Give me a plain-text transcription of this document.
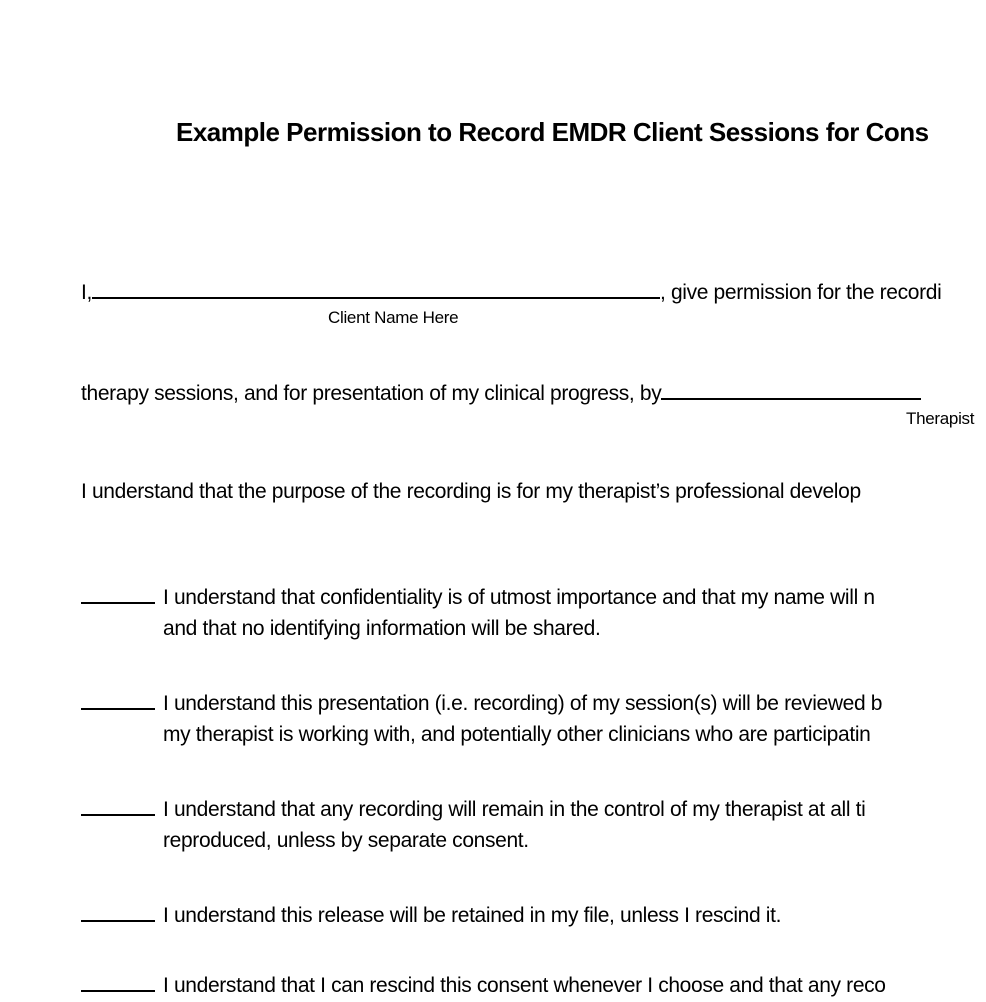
Example Permission to Record EMDR Client Sessions for Cons
I,	, give permission for the recordi
Client Name Here
therapy sessions, and for presentation of my clinical progress, by
Therapist
I understand that the purpose of the recording is for my therapist’s professional develop
I understand that confidentiality is of utmost importance and that my name will n
and that no identifying information will be shared.
I understand this presentation (i.e. recording) of my session(s) will be reviewed b
my therapist is working with, and potentially other clinicians who are participatin
I understand that any recording will remain in the control of my therapist at all ti
reproduced, unless by separate consent.
I understand this release will be retained in my file, unless I rescind it.
I understand that I can rescind this consent whenever I choose and that any reco
